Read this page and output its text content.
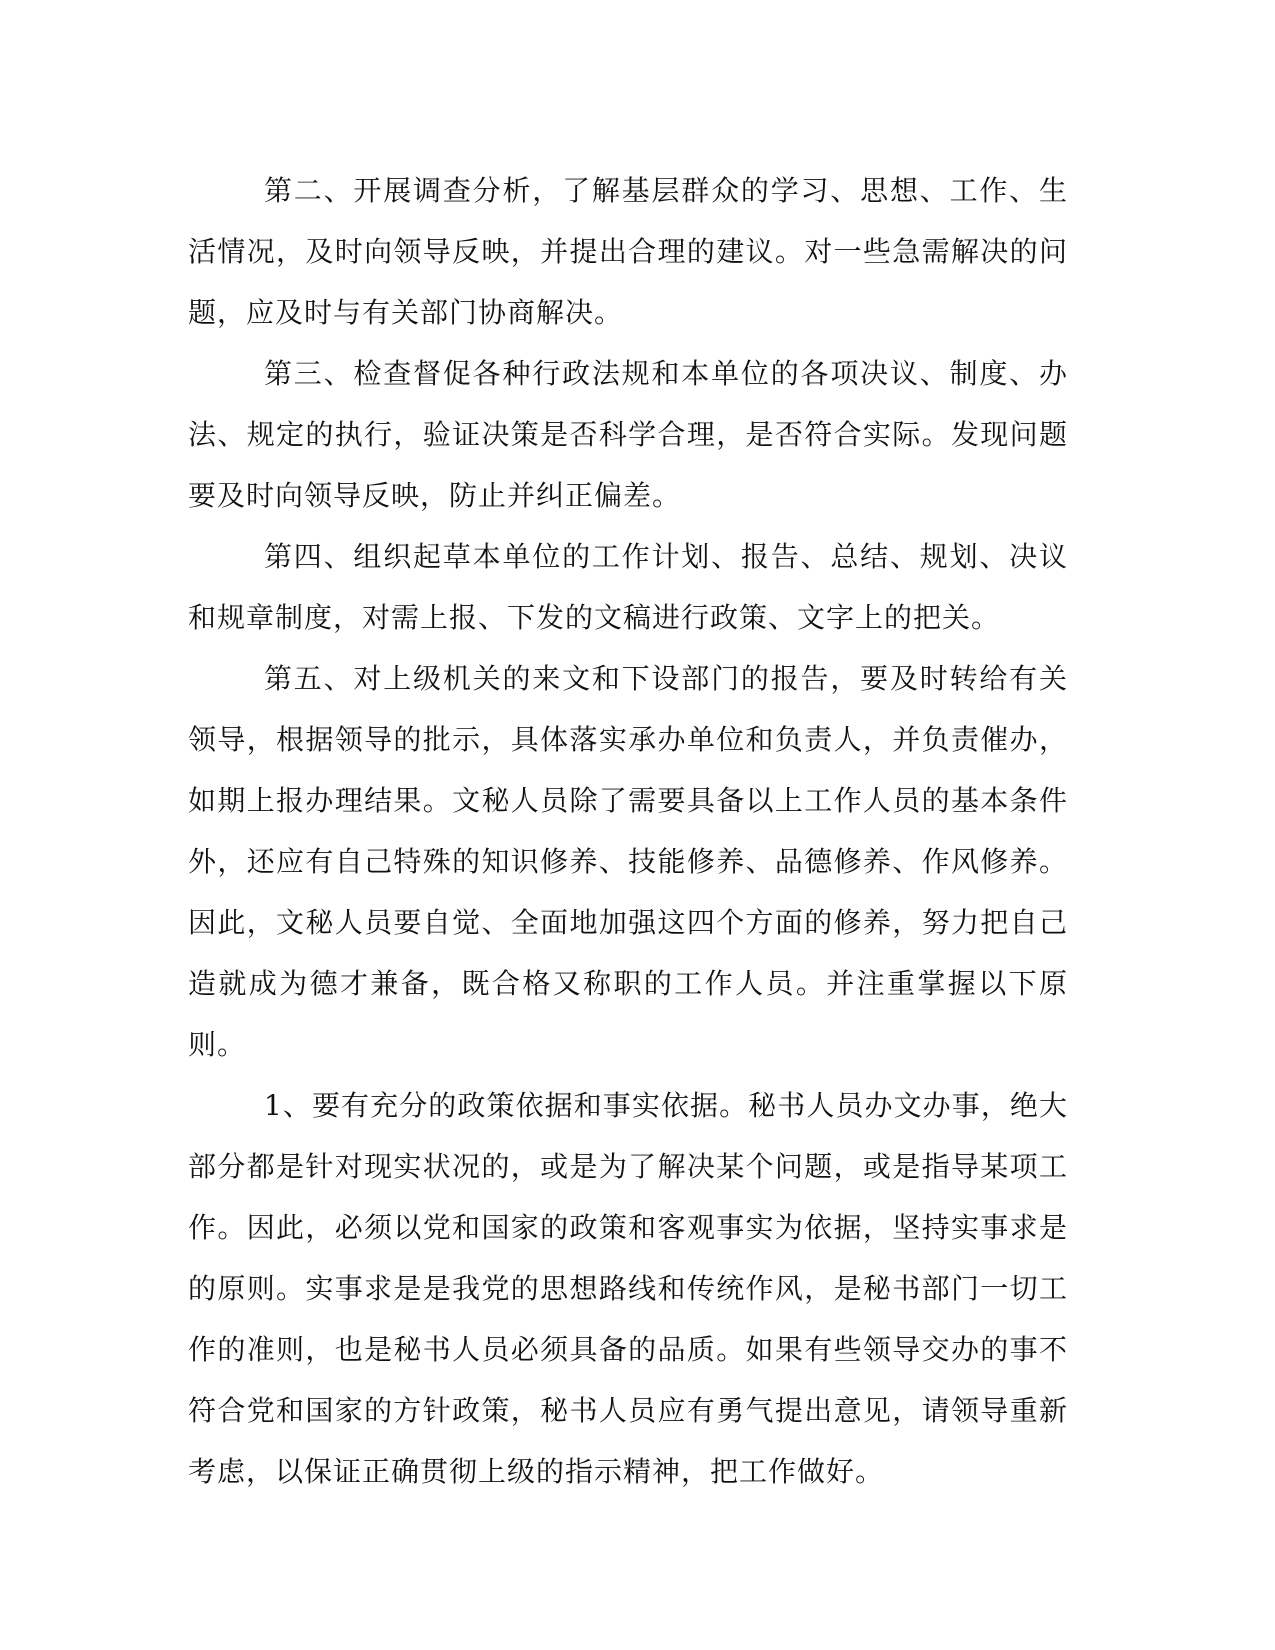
第二、开展调查分析，了解基层群众的学习、思想、工作、生活情况，及时向领导反映，并提出合理的建议。对一些急需解决的问题，应及时与有关部门协商解决。

第三、检查督促各种行政法规和本单位的各项决议、制度、办法、规定的执行，验证决策是否科学合理，是否符合实际。发现问题要及时向领导反映，防止并纠正偏差。

第四、组织起草本单位的工作计划、报告、总结、规划、决议和规章制度，对需上报、下发的文稿进行政策、文字上的把关。

第五、对上级机关的来文和下设部门的报告，要及时转给有关领导，根据领导的批示，具体落实承办单位和负责人，并负责催办，如期上报办理结果。文秘人员除了需要具备以上工作人员的基本条件外，还应有自己特殊的知识修养、技能修养、品德修养、作风修养。因此，文秘人员要自觉、全面地加强这四个方面的修养，努力把自己造就成为德才兼备，既合格又称职的工作人员。并注重掌握以下原则。

1、要有充分的政策依据和事实依据。秘书人员办文办事，绝大部分都是针对现实状况的，或是为了解决某个问题，或是指导某项工作。因此，必须以党和国家的政策和客观事实为依据，坚持实事求是的原则。实事求是是我党的思想路线和传统作风，是秘书部门一切工作的准则，也是秘书人员必须具备的品质。如果有些领导交办的事不符合党和国家的方针政策，秘书人员应有勇气提出意见，请领导重新考虑，以保证正确贯彻上级的指示精神，把工作做好。
